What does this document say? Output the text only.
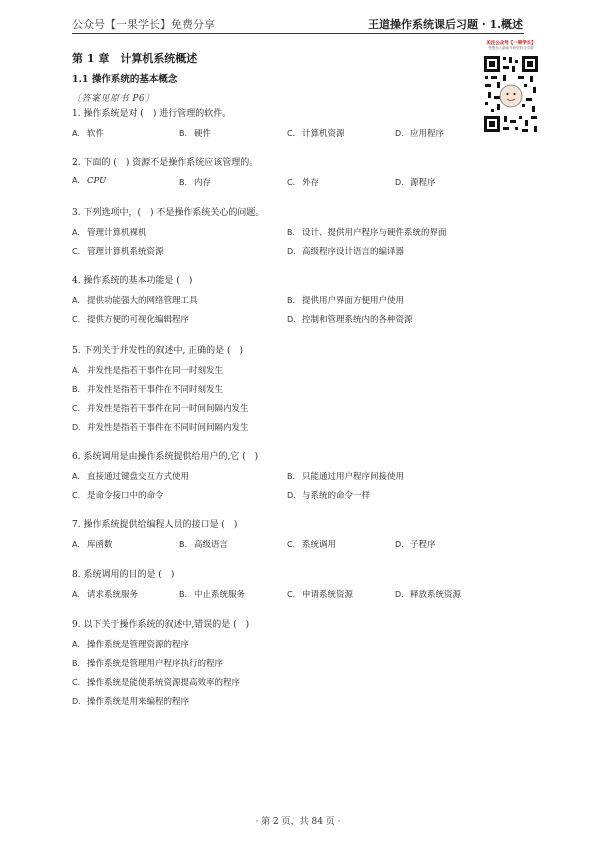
公众号【一果学长】免费分享	王道操作系统课后习题 · 1.概述
关注公众号【一果学长】
免费加入最新考研资料分享群
第 1 章　计算机系统概述
1.1 操作系统的基本概念
〔答案见原书 P6〕
1. 操作系统是对 (　) 进行管理的软件。
A. 软件	B. 硬件	C. 计算机资源	D. 应用程序
2. 下面的 (　) 资源不是操作系统应该管理的。
A. CPU	B. 内存	C. 外存	D. 源程序
3. 下列选项中，(　) 不是操作系统关心的问题。
A. 管理计算机裸机	B. 设计、提供用户程序与硬件系统的界面
C. 管理计算机系统资源	D. 高级程序设计语言的编译器
4. 操作系统的基本功能是 (　)
A. 提供功能强大的网络管理工具	B. 提供用户界面方便用户使用
C. 提供方便的可视化编辑程序	D. 控制和管理系统内的各种资源
5. 下列关于并发性的叙述中, 正确的是 (　)
A. 并发性是指若干事件在同一时刻发生
B. 并发性是指若干事件在不同时刻发生
C. 并发性是指若干事件在同一时间间隔内发生
D. 并发性是指若干事件在不同时间间隔内发生
6. 系统调用是由操作系统提供给用户的,它 (　)
A. 直接通过键盘交互方式使用	B. 只能通过用户程序间接使用
C. 是命令接口中的命令	D. 与系统的命令一样
7. 操作系统提供给编程人员的接口是 (　)
A. 库函数	B. 高级语言	C. 系统调用	D. 子程序
8. 系统调用的目的是 (　)
A. 请求系统服务	B. 中止系统服务	C. 申请系统资源	D. 释放系统资源
9. 以下关于操作系统的叙述中,错误的是 (　)
A. 操作系统是管理资源的程序
B. 操作系统是管理用户程序执行的程序
C. 操作系统是能使系统资源提高效率的程序
D. 操作系统是用来编程的程序
· 第 2 页，共 84 页 ·
